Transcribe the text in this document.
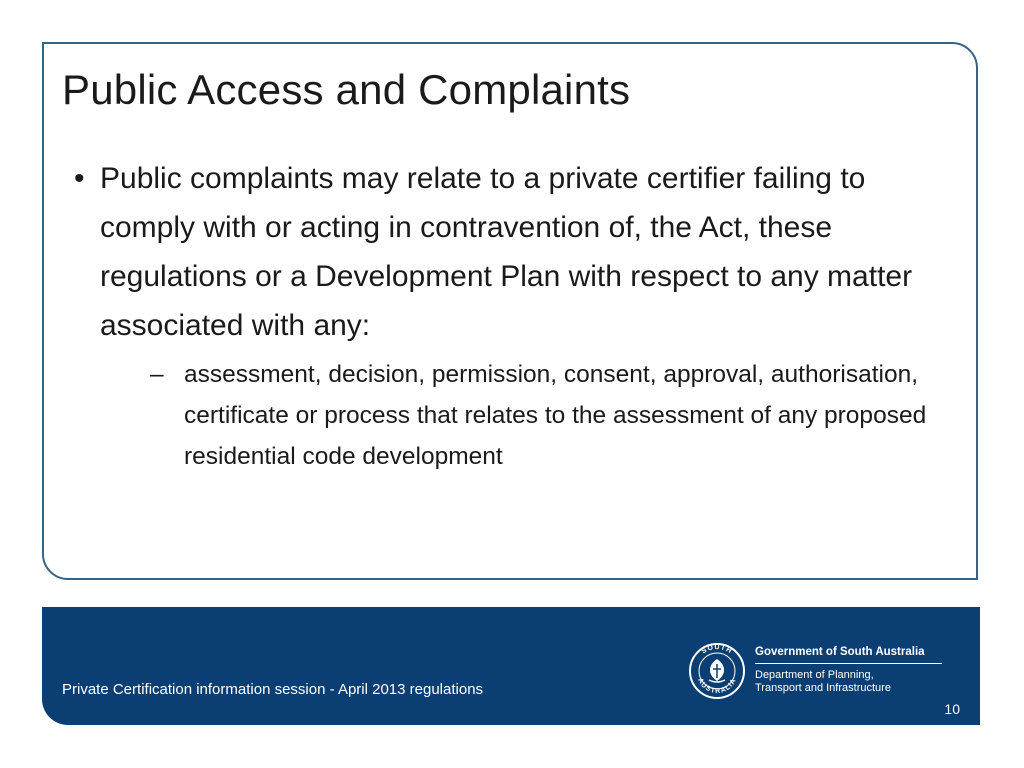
Public Access and Complaints
• Public complaints may relate to a private certifier failing to comply with or acting in contravention of, the Act, these regulations or a Development Plan with respect to any matter associated with any:
– assessment, decision, permission, consent, approval, authorisation, certificate or process that relates to the assessment of any proposed residential code development
Private Certification information session - April 2013 regulations
SOUTH
AUSTRALIA
Government of South Australia
Department of Planning,
Transport and Infrastructure
10
